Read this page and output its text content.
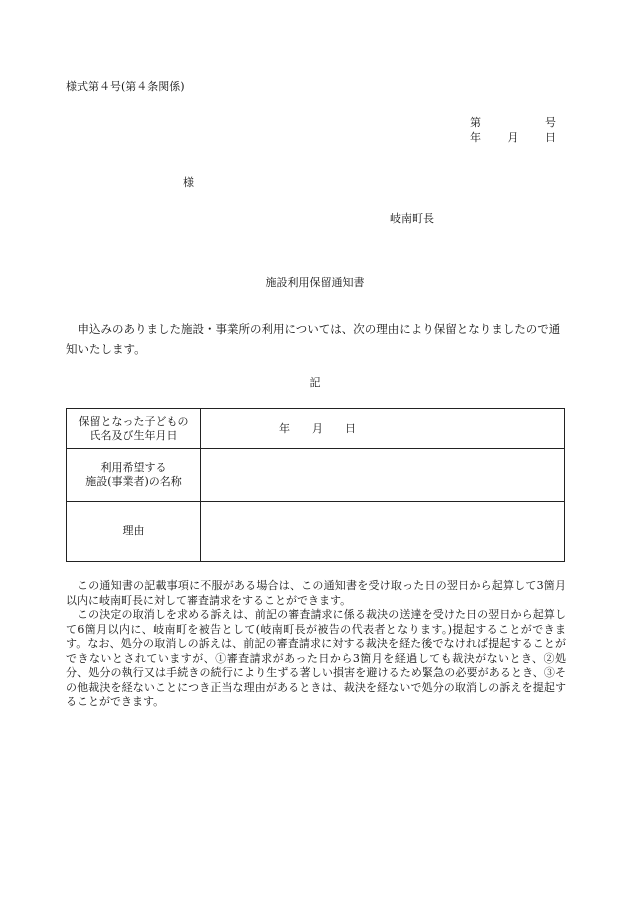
様式第４号(第４条関係)
第	号
年 月 日
様
岐南町長
施設利用保留通知書
申込みのありました施設・事業所の利用については、次の理由により保留となりましたので通知いたします。
記
保留となった子どもの
氏名及び生年月日	年 月 日

利用希望する
施設(事業者)の名称	

理由	

この通知書の記載事項に不服がある場合は、この通知書を受け取った日の翌日から起算して3箇月以内に岐南町長に対して審査請求をすることができます。

この決定の取消しを求める訴えは、前記の審査請求に係る裁決の送達を受けた日の翌日から起算して6箇月以内に、岐南町を被告として(岐南町長が被告の代表者となります。)提起することができます。なお、処分の取消しの訴えは、前記の審査請求に対する裁決を経た後でなければ提起することができないとされていますが、①審査請求があった日から3箇月を経過しても裁決がないとき、②処分、処分の執行又は手続きの続行により生ずる著しい損害を避けるため緊急の必要があるとき、③その他裁決を経ないことにつき正当な理由があるときは、裁決を経ないで処分の取消しの訴えを提起することができます。
